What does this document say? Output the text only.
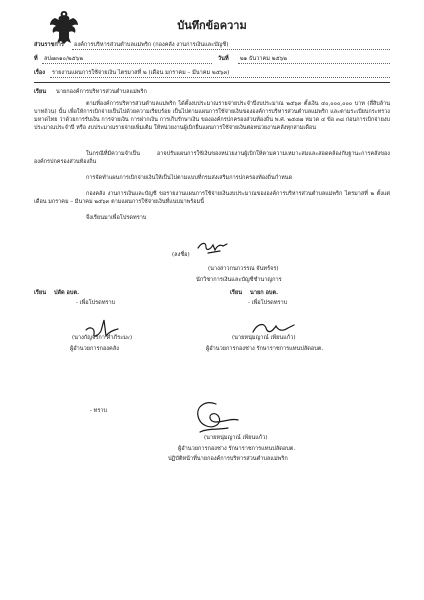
บันทึกข้อความ
ส่วนราชการ องค์การบริหารส่วนตำบลแม่พริก (กองคลัง งานการเงินและบัญชี)
ที่ ลป๗๓๑๐/๒๕๖๒	วันที่ ๒๑ ธันวาคม ๒๕๖๒
เรื่อง รายงานแผนการใช้จ่ายเงิน ไตรมาสที่ ๒ (เดือน มกราคม – มีนาคม ๒๕๖๓)
เรียน นายกองค์การบริหารส่วนตำบลแม่พริก
ตามที่องค์การบริหารส่วนตำบลแม่พริก ได้ตั้งงบประมาณรายจ่ายประจำปีงบประมาณ ๒๕๖๓ ตั้งเงิน ๔๐,๐๐๐,๐๐๐ บาท (สี่สิบล้านบาทถ้วน) นั้น เพื่อให้การเบิกจ่ายเป็นไปด้วยความเรียบร้อย เป็นไปตามแผนการใช้จ่ายเงินขององค์การบริหารส่วนตำบลแม่พริก และตามระเบียบกระทรวงมหาดไทย ว่าด้วยการรับเงิน การจ่ายเงิน การฝากเงิน การเก็บรักษาเงิน ขององค์กรปกครองส่วนท้องถิ่น พ.ศ. ๒๕๔๗ หมวด ๔ ข้อ ๓๘ ก่อนการเบิกจ่ายงบประมาณประจำปี หรือ งบประมาณรายจ่ายเพิ่มเติม ให้หน่วยงานผู้เบิกยื่นแผนการใช้จ่ายเงินต่อหน่วยงานคลังทุกสามเดือน
ในกรณีที่มีความจำเป็น อาจปรับแผนการใช้เงินของหน่วยงานผู้เบิกให้ตามความเหมาะสมและสอดคล้องกับฐานะการคลังขององค์กรปกครองส่วนท้องถิ่น
การจัดทำแผนการเบิกจ่ายเงินให้เป็นไปตามแบบที่กรมส่งเสริมการปกครองท้องถิ่นกำหนด
กองคลัง งานการเงินและบัญชี ขอรายงานแผนการใช้จ่ายเงินงบประมาณขององค์การบริหารส่วนตำบลแม่พริก ไตรมาสที่ ๒ ตั้งแต่เดือน มกราคม – มีนาคม ๒๕๖๓ ตามแผนการใช้จ่ายเงินที่แนบมาพร้อมนี้
จึงเรียนมาเพื่อโปรดทราบ
(ลงชื่อ)
(นางสาวกนกวรรณ จันทร์จร)
นักวิชาการเงินและบัญชีชำนาญการ
เรียน ปลัด อบต.
- เพื่อโปรดทราบ
(นางกัญจริกา คำภีระมะ)
ผู้อำนวยการกองคลัง
เรียน นายก อบต.
- เพื่อโปรดทราบ
(นายหนุ่มญาณ์ เพียนแก้ว)
ผู้อำนวยการกองช่าง รักษาราชการแทนปลัดอบต.
- ทราบ
(นายหนุ่มญาณ์ เพียนแก้ว)
ผู้อำนวยการกองช่าง รักษาราชการแทนปลัดอบต.
ปฏิบัติหน้าที่นายกองค์การบริหารส่วนตำบลแม่พริก
